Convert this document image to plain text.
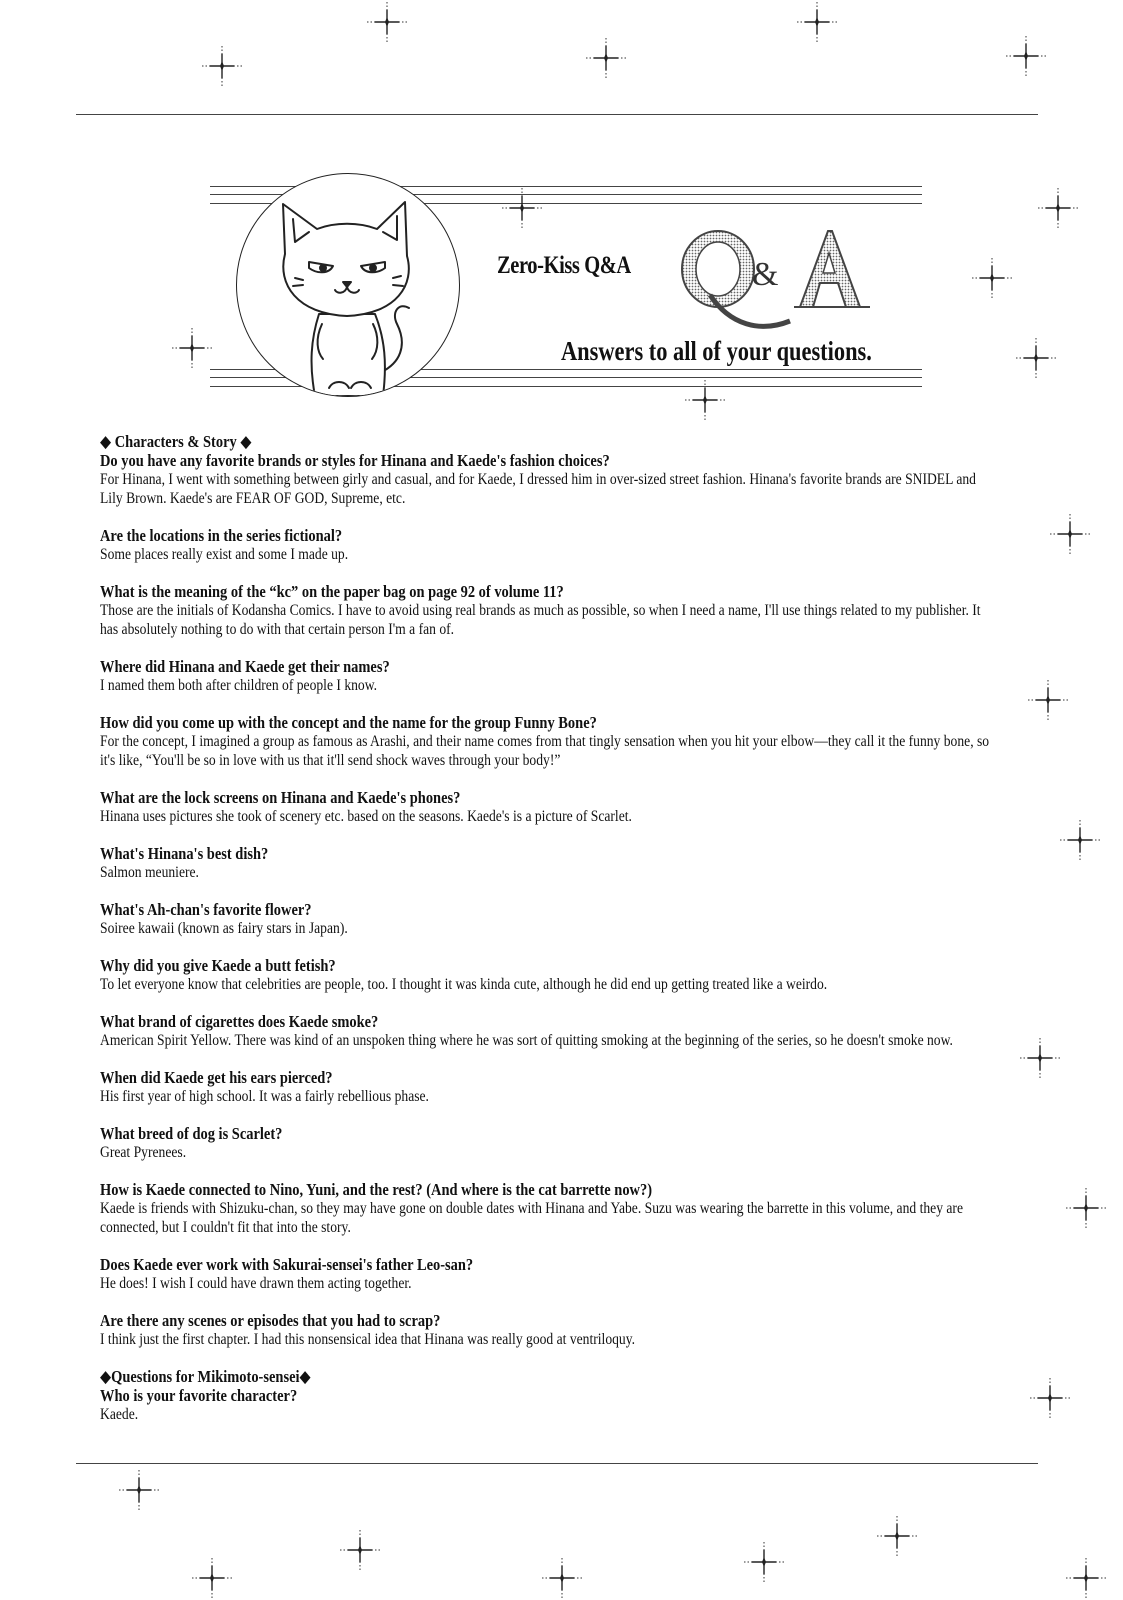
Zero-Kiss Q&A	&
Answers to all of your questions.
◆ Characters & Story ◆
Do you have any favorite brands or styles for Hinana and Kaede's fashion choices?
For Hinana, I went with something between girly and casual, and for Kaede, I dressed him in over-sized street fashion. Hinana's favorite brands are SNIDEL and Lily Brown. Kaede's are FEAR OF GOD, Supreme, etc.
Are the locations in the series fictional?
Some places really exist and some I made up.
What is the meaning of the “kc” on the paper bag on page 92 of volume 11?
Those are the initials of Kodansha Comics. I have to avoid using real brands as much as possible, so when I need a name, I'll use things related to my publisher. It has absolutely nothing to do with that certain person I'm a fan of.
Where did Hinana and Kaede get their names?
I named them both after children of people I know.
How did you come up with the concept and the name for the group Funny Bone?
For the concept, I imagined a group as famous as Arashi, and their name comes from that tingly sensation when you hit your elbow—they call it the funny bone, so it's like, “You'll be so in love with us that it'll send shock waves through your body!”
What are the lock screens on Hinana and Kaede's phones?
Hinana uses pictures she took of scenery etc. based on the seasons. Kaede's is a picture of Scarlet.
What's Hinana's best dish?
Salmon meuniere.
What's Ah-chan's favorite flower?
Soiree kawaii (known as fairy stars in Japan).
Why did you give Kaede a butt fetish?
To let everyone know that celebrities are people, too. I thought it was kinda cute, although he did end up getting treated like a weirdo.
What brand of cigarettes does Kaede smoke?
American Spirit Yellow. There was kind of an unspoken thing where he was sort of quitting smoking at the beginning of the series, so he doesn't smoke now.
When did Kaede get his ears pierced?
His first year of high school. It was a fairly rebellious phase.
What breed of dog is Scarlet?
Great Pyrenees.
How is Kaede connected to Nino, Yuni, and the rest? (And where is the cat barrette now?)
Kaede is friends with Shizuku-chan, so they may have gone on double dates with Hinana and Yabe. Suzu was wearing the barrette in this volume, and they are connected, but I couldn't fit that into the story.
Does Kaede ever work with Sakurai-sensei's father Leo-san?
He does! I wish I could have drawn them acting together.
Are there any scenes or episodes that you had to scrap?
I think just the first chapter. I had this nonsensical idea that Hinana was really good at ventriloquy.
◆Questions for Mikimoto-sensei◆
Who is your favorite character?
Kaede.
